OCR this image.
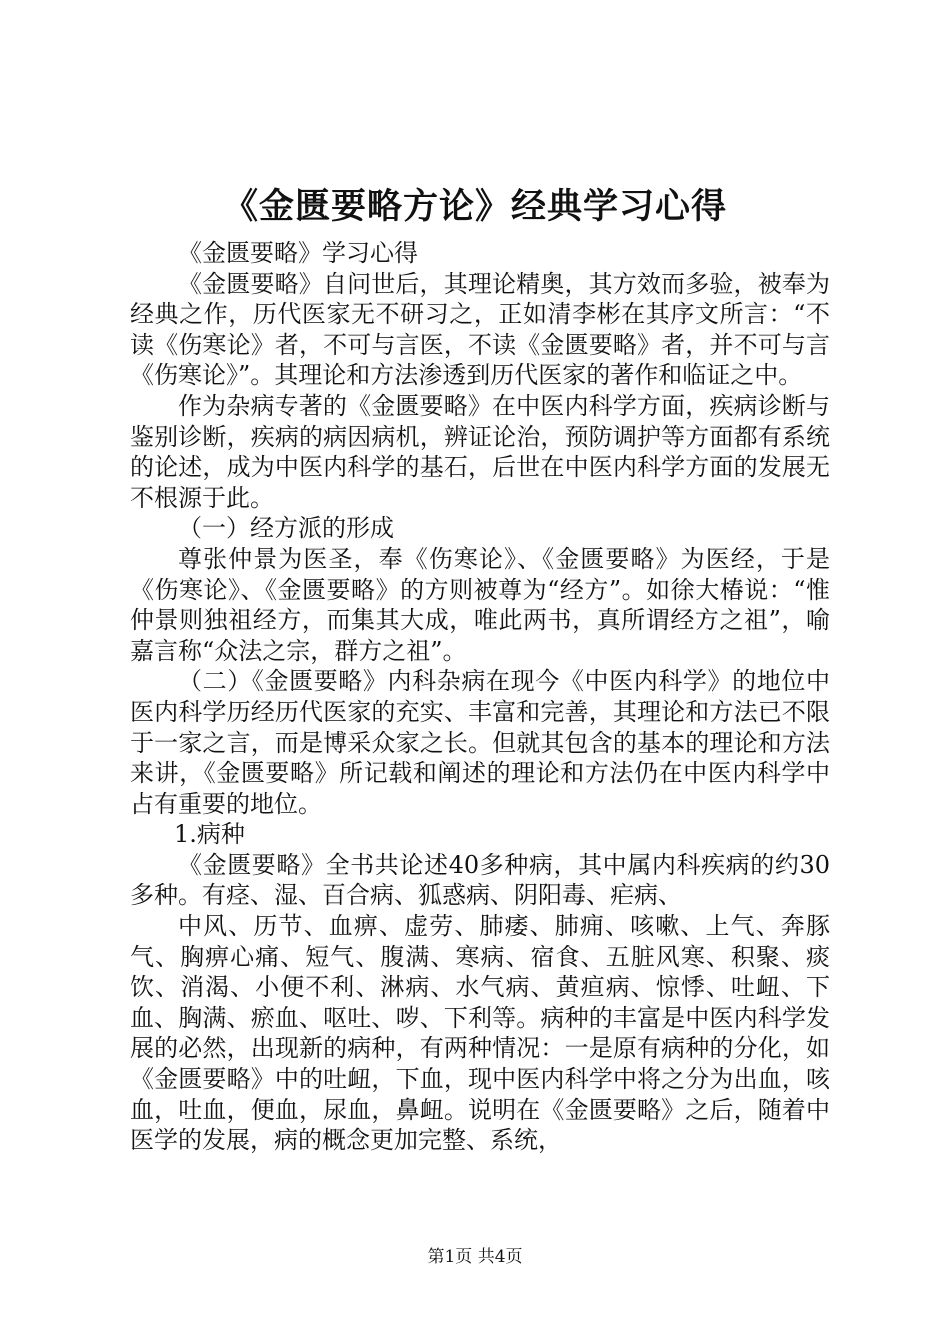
《金匮要略方论》经典学习心得

《金匮要略》学习心得

《金匮要略》自问世后，其理论精奥，其方效而多验，被奉为经典之作，历代医家无不研习之，正如清李彬在其序文所言：“不读《伤寒论》者，不可与言医，不读《金匮要略》者，并不可与言《伤寒论》”。其理论和方法渗透到历代医家的著作和临证之中。

作为杂病专著的《金匮要略》在中医内科学方面，疾病诊断与鉴别诊断，疾病的病因病机，辨证论治，预防调护等方面都有系统的论述，成为中医内科学的基石，后世在中医内科学方面的发展无不根源于此。

（一）经方派的形成

尊张仲景为医圣，奉《伤寒论》、《金匮要略》为医经，于是《伤寒论》、《金匮要略》的方则被尊为“经方”。如徐大椿说：“惟仲景则独祖经方，而集其大成，唯此两书，真所谓经方之祖”，喻嘉言称“众法之宗，群方之祖”。

（二）《金匮要略》内科杂病在现今《中医内科学》的地位中医内科学历经历代医家的充实、丰富和完善，其理论和方法已不限于一家之言，而是博采众家之长。但就其包含的基本的理论和方法来讲，《金匮要略》所记载和阐述的理论和方法仍在中医内科学中占有重要的地位。

1.病种

《金匮要略》全书共论述40多种病，其中属内科疾病的约30多种。有痉、湿、百合病、狐惑病、阴阳毒、疟病、

中风、历节、血痹、虚劳、肺痿、肺痈、咳嗽、上气、奔豚气、胸痹心痛、短气、腹满、寒病、宿食、五脏风寒、积聚、痰饮、消渴、小便不利、淋病、水气病、黄疸病、惊悸、吐衄、下血、胸满、瘀血、呕吐、哕、下利等。病种的丰富是中医内科学发展的必然，出现新的病种，有两种情况：一是原有病种的分化，如《金匮要略》中的吐衄，下血，现中医内科学中将之分为出血，咳血，吐血，便血，尿血，鼻衄。说明在《金匮要略》之后，随着中医学的发展，病的概念更加完整、系统，

第1页 共4页
